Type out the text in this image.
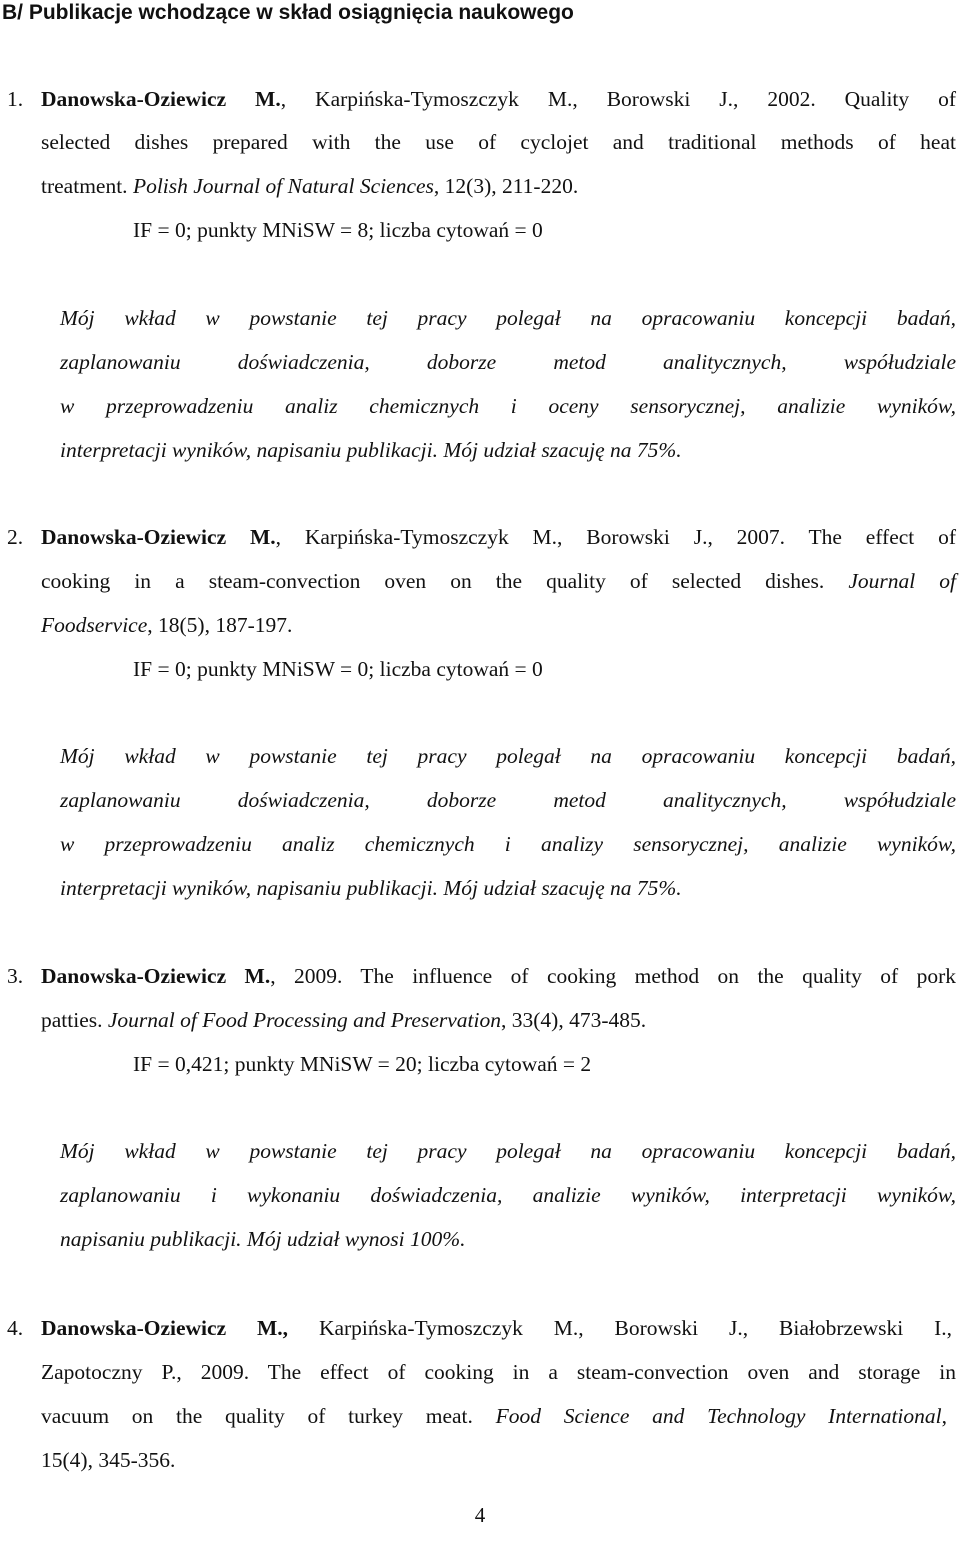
B/ Publikacje wchodzące w skład osiągnięcia naukowego
1. Danowska-Oziewicz M., Karpińska-Tymoszczyk M., Borowski J., 2002. Quality of
selected dishes prepared with the use of cyclojet and traditional methods of heat
treatment. Polish Journal of Natural Sciences, 12(3), 211-220.
IF = 0; punkty MNiSW = 8; liczba cytowań = 0
Mój wkład w powstanie tej pracy polegał na opracowaniu koncepcji badań,
zaplanowaniu doświadczenia, doborze metod analitycznych, współudziale
w przeprowadzeniu analiz chemicznych i oceny sensorycznej, analizie wyników,
interpretacji wyników, napisaniu publikacji. Mój udział szacuję na 75%.
2. Danowska-Oziewicz M., Karpińska-Tymoszczyk M., Borowski J., 2007. The effect of
cooking in a steam-convection oven on the quality of selected dishes. Journal of
Foodservice, 18(5), 187-197.
IF = 0; punkty MNiSW = 0; liczba cytowań = 0
Mój wkład w powstanie tej pracy polegał na opracowaniu koncepcji badań,
zaplanowaniu doświadczenia, doborze metod analitycznych, współudziale
w przeprowadzeniu analiz chemicznych i analizy sensorycznej, analizie wyników,
interpretacji wyników, napisaniu publikacji. Mój udział szacuję na 75%.
3. Danowska-Oziewicz M., 2009. The influence of cooking method on the quality of pork
patties. Journal of Food Processing and Preservation, 33(4), 473-485.
IF = 0,421; punkty MNiSW = 20; liczba cytowań = 2
Mój wkład w powstanie tej pracy polegał na opracowaniu koncepcji badań,
zaplanowaniu i wykonaniu doświadczenia, analizie wyników, interpretacji wyników,
napisaniu publikacji. Mój udział wynosi 100%.
4. Danowska-Oziewicz M., Karpińska-Tymoszczyk M., Borowski J., Białobrzewski I.,
Zapotoczny P., 2009. The effect of cooking in a steam-convection oven and storage in
vacuum on the quality of turkey meat. Food Science and Technology International,
15(4), 345-356.
4
